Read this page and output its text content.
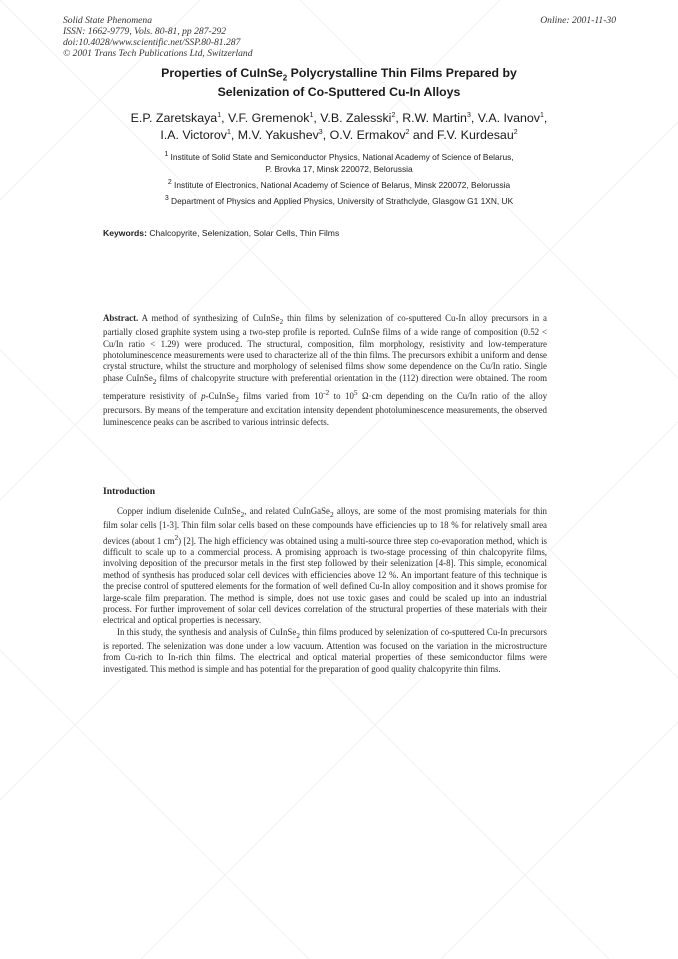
Solid State Phenomena
ISSN: 1662-9779, Vols. 80-81, pp 287-292
doi:10.4028/www.scientific.net/SSP.80-81.287
© 2001 Trans Tech Publications Ltd, Switzerland
Online: 2001-11-30
Properties of CuInSe$_2$ Polycrystalline Thin Films Prepared by
Selenization of Co-Sputtered Cu-In Alloys
E.P. Zaretskaya$^1$, V.F. Gremenok$^1$, V.B. Zalesski$^2$, R.W. Martin$^3$, V.A. Ivanov$^1$,
I.A. Victorov$^1$, M.V. Yakushev$^3$, O.V. Ermakov$^2$ and F.V. Kurdesau$^2$
$^1$ Institute of Solid State and Semiconductor Physics, National Academy of Science of Belarus,
P. Brovka 17, Minsk 220072, Belorussia
$^2$ Institute of Electronics, National Academy of Science of Belarus, Minsk 220072, Belorussia
$^3$ Department of Physics and Applied Physics, University of Strathclyde, Glasgow G1 1XN, UK
Keywords: Chalcopyrite, Selenization, Solar Cells, Thin Films
Abstract. A method of synthesizing of CuInSe$_2$ thin films by selenization of co-sputtered Cu-In alloy precursors in a partially closed graphite system using a two-step profile is reported. CuInSe films of a wide range of composition (0.52 < Cu/In ratio < 1.29) were produced. The structural, composition, film morphology, resistivity and low-temperature photoluminescence measurements were used to characterize all of the thin films. The precursors exhibit a uniform and dense crystal structure, whilst the structure and morphology of selenised films show some dependence on the Cu/In ratio. Single phase CuInSe$_2$ films of chalcopyrite structure with preferential orientation in the (112) direction were obtained. The room temperature resistivity of p-CuInSe$_2$ films varied from $10^{-2}$ to $10^5$ Ω·cm depending on the Cu/In ratio of the alloy precursors. By means of the temperature and excitation intensity dependent photoluminescence measurements, the observed luminescence peaks can be ascribed to various intrinsic defects.
Introduction

Copper indium diselenide CuInSe$_2$, and related CuInGaSe$_2$ alloys, are some of the most promising materials for thin film solar cells [1-3]. Thin film solar cells based on these compounds have efficiencies up to 18 % for relatively small area devices (about 1 $cm^2$) [2]. The high efficiency was obtained using a multi-source three step co-evaporation method, which is difficult to scale up to a commercial process. A promising approach is two-stage processing of thin chalcopyrite films, involving deposition of the precursor metals in the first step followed by their selenization [4-8]. This simple, economical method of synthesis has produced solar cell devices with efficiencies above 12 %. An important feature of this technique is the precise control of sputtered elements for the formation of well defined Cu-In alloy composition and it shows promise for large-scale film preparation. The method is simple, does not use toxic gases and could be scaled up into an industrial process. For further improvement of solar cell devices correlation of the structural properties of these materials with their electrical and optical properties is necessary.

In this study, the synthesis and analysis of CuInSe$_2$ thin films produced by selenization of co-sputtered Cu-In precursors is reported. The selenization was done under a low vacuum. Attention was focused on the variation in the microstructure from Cu-rich to In-rich thin films. The electrical and optical material properties of these semiconductor films were investigated. This method is simple and has potential for the preparation of good quality chalcopyrite thin films.
